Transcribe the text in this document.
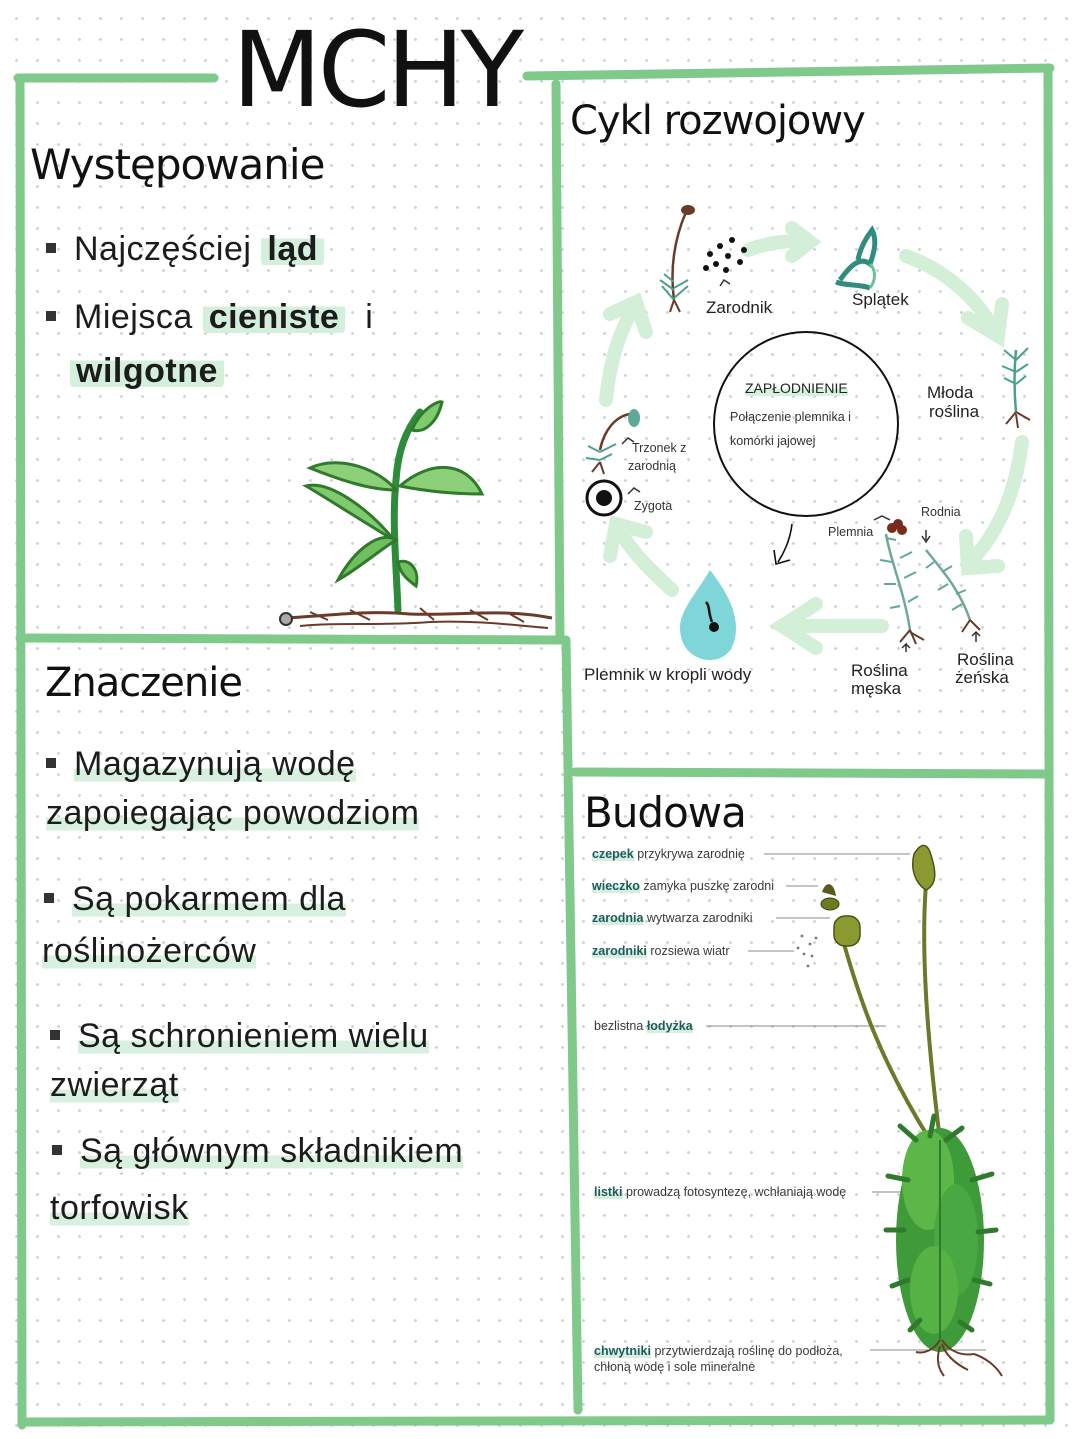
MCHY
Występowanie
Najczęściej ląd
Miejsca cieniste i
wilgotne
Cykl rozwojowy
Zarodnik	Splątek
Młoda
roślina
ZAPŁODNIENIE
Połączenie plemnika i
komórki jajowej
Trzonek z
zarodnią
Zygota
Plemnia
Rodnia
Plemnik w kropli wody	Roślina
męska
Roślina
żeńska
Znaczenie
Magazynują wodę
zapoiegając powodziom
Są pokarmem dla
roślinożerców
Są schronieniem wielu
zwierząt
Są głównym składnikiem
torfowisk
Budowa
czepek przykrywa zarodnię
wieczko zamyka puszkę zarodni
zarodnia wytwarza zarodniki
zarodniki rozsiewa wiatr
bezlistna łodyżka
listki prowadzą fotosyntezę, wchłaniają wodę
chwytniki przytwierdzają roślinę do podłoża,
chłoną wodę i sole mineralne
